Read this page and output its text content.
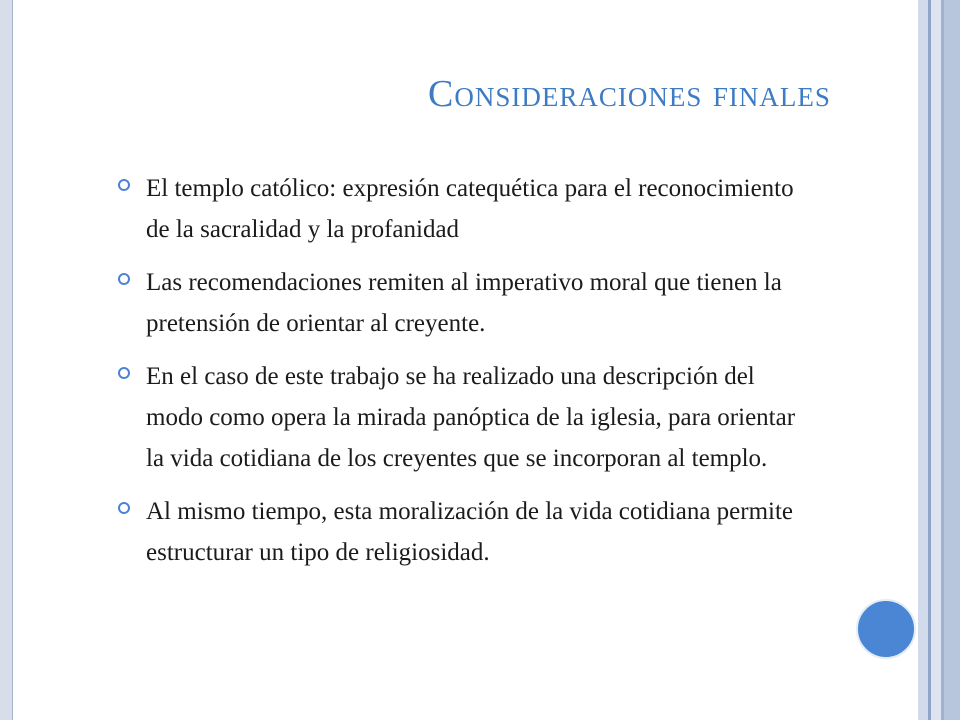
Consideraciones finales
El templo católico: expresión catequética para el reconocimiento de la sacralidad y la profanidad
Las recomendaciones remiten al imperativo moral que tienen la pretensión de orientar al creyente.
En el caso de este trabajo se ha realizado una descripción del modo como opera la mirada panóptica de la iglesia, para orientar la vida cotidiana de los creyentes que se incorporan al templo.
Al mismo tiempo, esta moralización de la vida cotidiana permite estructurar un tipo de religiosidad.
